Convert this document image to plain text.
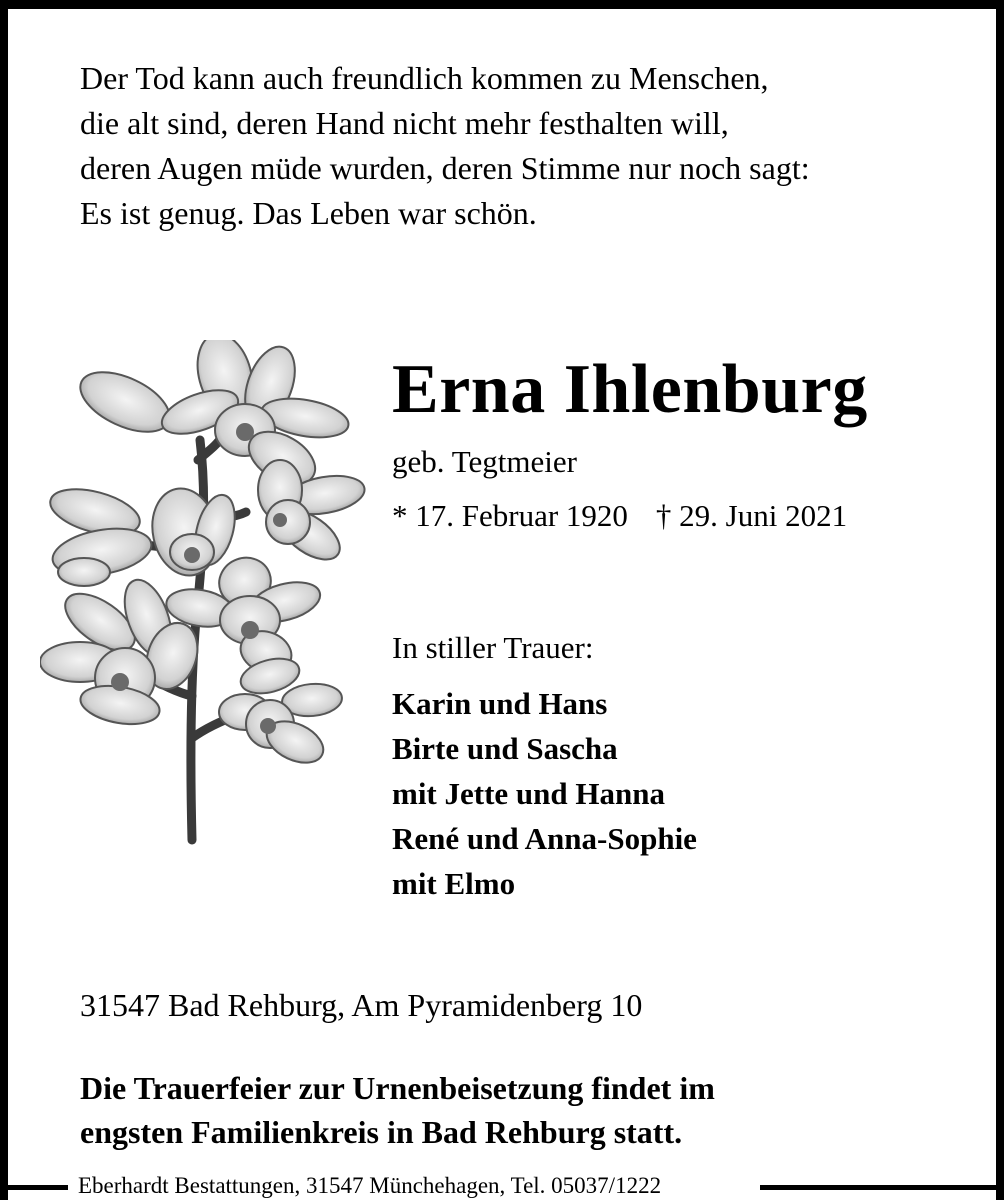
Der Tod kann auch freundlich kommen zu Menschen,
die alt sind, deren Hand nicht mehr festhalten will,
deren Augen müde wurden, deren Stimme nur noch sagt:
Es ist genug. Das Leben war schön.
Erna Ihlenburg
geb. Tegtmeier
* 17. Februar 1920 † 29. Juni 2021
In stiller Trauer:
Karin und Hans
Birte und Sascha
mit Jette und Hanna
René und Anna-Sophie
mit Elmo
31547 Bad Rehburg, Am Pyramidenberg 10
Die Trauerfeier zur Urnenbeisetzung findet im
engsten Familienkreis in Bad Rehburg statt.
Eberhardt Bestattungen, 31547 Münchehagen, Tel. 05037/1222
